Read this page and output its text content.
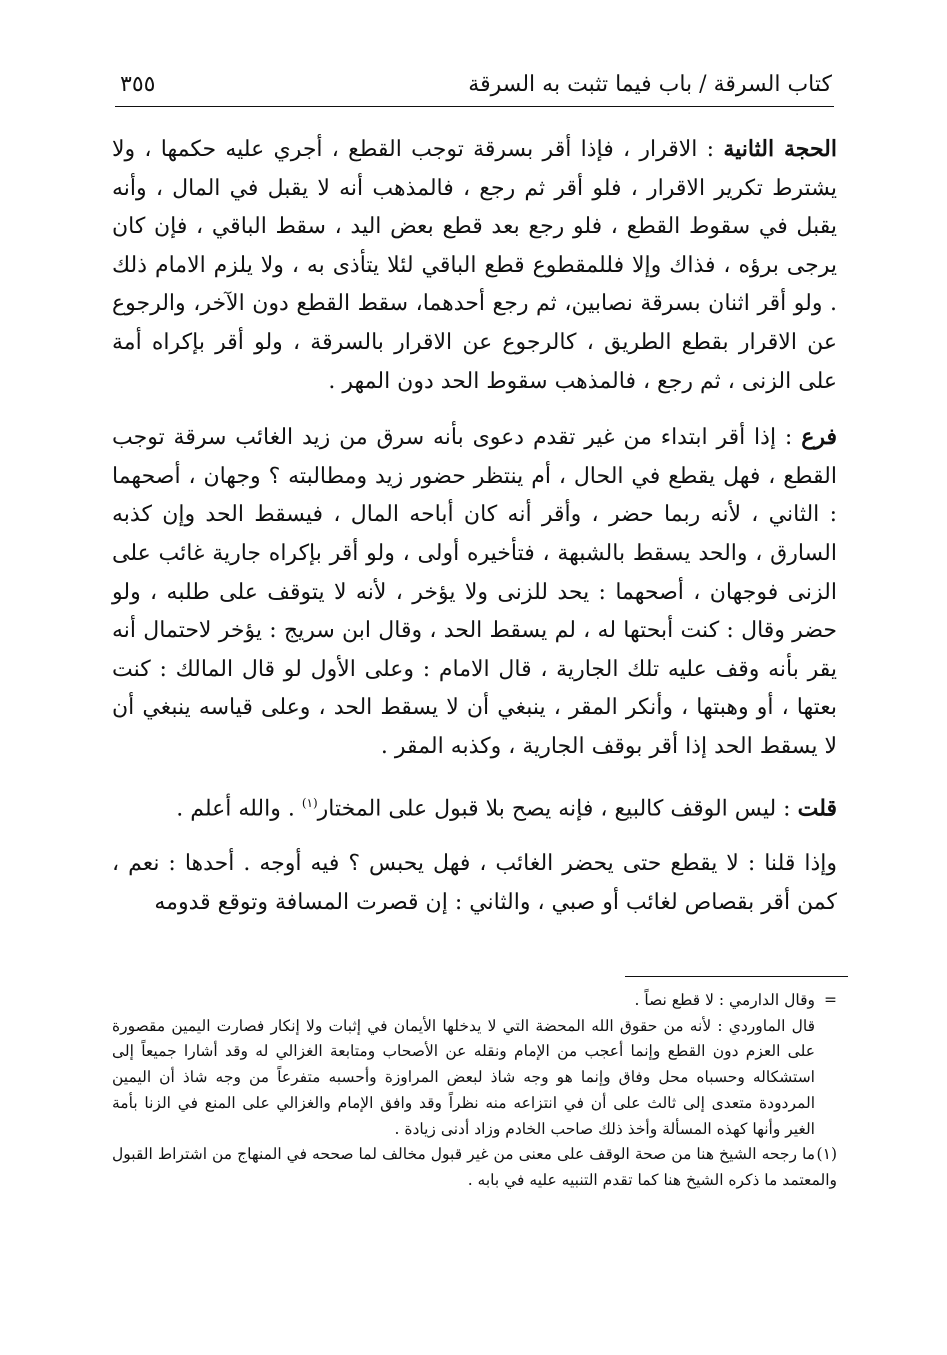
كتاب السرقة / باب فيما تثبت به السرقة
٣٥٥

الحجة الثانية : الاقرار ، فإذا أقر بسرقة توجب القطع ، أجري عليه حكمها ، ولا يشترط تكرير الاقرار ، فلو أقر ثم رجع ، فالمذهب أنه لا يقبل في المال ، وأنه يقبل في سقوط القطع ، فلو رجع بعد قطع بعض اليد ، سقط الباقي ، فإن كان يرجى برؤه ، فذاك وإلا فللمقطوع قطع الباقي لئلا يتأذى به ، ولا يلزم الامام ذلك . ولو أقر اثنان بسرقة نصابين، ثم رجع أحدهما، سقط القطع دون الآخر، والرجوع عن الاقرار بقطع الطريق ، كالرجوع عن الاقرار بالسرقة ، ولو أقر بإكراه أمة على الزنى ، ثم رجع ، فالمذهب سقوط الحد دون المهر .

فرع : إذا أقر ابتداء من غير تقدم دعوى بأنه سرق من زيد الغائب سرقة توجب القطع ، فهل يقطع في الحال ، أم ينتظر حضور زيد ومطالبته ؟ وجهان ، أصحهما : الثاني ، لأنه ربما حضر ، وأقر أنه كان أباحه المال ، فيسقط الحد وإن كذبه السارق ، والحد يسقط بالشبهة ، فتأخيره أولى ، ولو أقر بإكراه جارية غائب على الزنى فوجهان ، أصحهما : يحد للزنى ولا يؤخر ، لأنه لا يتوقف على طلبه ، ولو حضر وقال : كنت أبحتها له ، لم يسقط الحد ، وقال ابن سريج : يؤخر لاحتمال أنه يقر بأنه وقف عليه تلك الجارية ، قال الامام : وعلى الأول لو قال المالك : كنت بعتها ، أو وهبتها ، وأنكر المقر ، ينبغي أن لا يسقط الحد ، وعلى قياسه ينبغي أن لا يسقط الحد إذا أقر بوقف الجارية ، وكذبه المقر .

قلت : ليس الوقف كالبيع ، فإنه يصح بلا قبول على المختار$^{(١)}$ . والله أعلم .

وإذا قلنا : لا يقطع حتى يحضر الغائب ، فهل يحبس ؟ فيه أوجه . أحدها : نعم ، كمن أقر بقصاص لغائب أو صبي ، والثاني : إن قصرت المسافة وتوقع قدومه

=وقال الدارمي : لا قطع نصاً .

قال الماوردي : لأنه من حقوق الله المحضة التي لا يدخلها الأيمان في إثبات ولا إنكار فصارت اليمين مقصورة على العزم دون القطع وإنما أعجب من الإمام ونقله عن الأصحاب ومتابعة الغزالي له وقد أشارا جميعاً إلى استشكاله وحسباه محل وفاق وإنما هو وجه شاذ لبعض المراوزة وأحسبه متفرعاً من وجه شاذ أن اليمين المردودة متعدى إلى ثالث على أن في انتزاعه منه نظراً وقد وافق الإمام والغزالي على المنع في الزنا بأمة الغير وأنها كهذه المسألة وأخذ ذلك صاحب الخادم وزاد أدنى زيادة .

(١)ما رجحه الشيخ هنا من صحة الوقف على معنى من غير قبول مخالف لما صححه في المنهاج من اشتراط القبول والمعتمد ما ذكره الشيخ هنا كما تقدم التنبيه عليه في بابه .
